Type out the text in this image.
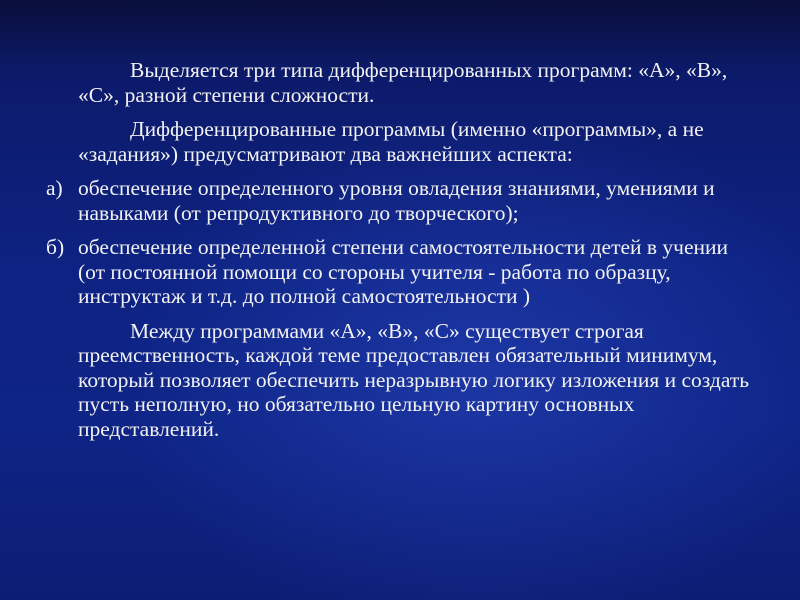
Выделяется три типа дифференцированных программ: «А», «В», «С», разной степени сложности.

Дифференцированные программы (именно «программы», а не «задания») предусматривают два важнейших аспекта:

а) обеспечение определенного уровня овладения знаниями, умениями и навыками (от репродуктивного до творческого);
б) обеспечение определенной степени самостоятельности детей в учении (от постоянной помощи со стороны учителя - работа по образцу, инструктаж и т.д. до полной самостоятельности )

Между программами «А», «В», «С» существует строгая преемственность, каждой теме предоставлен обязательный минимум, который позволяет обеспечить неразрывную логику изложения и создать пусть неполную, но обязательно цельную картину основных представлений.
